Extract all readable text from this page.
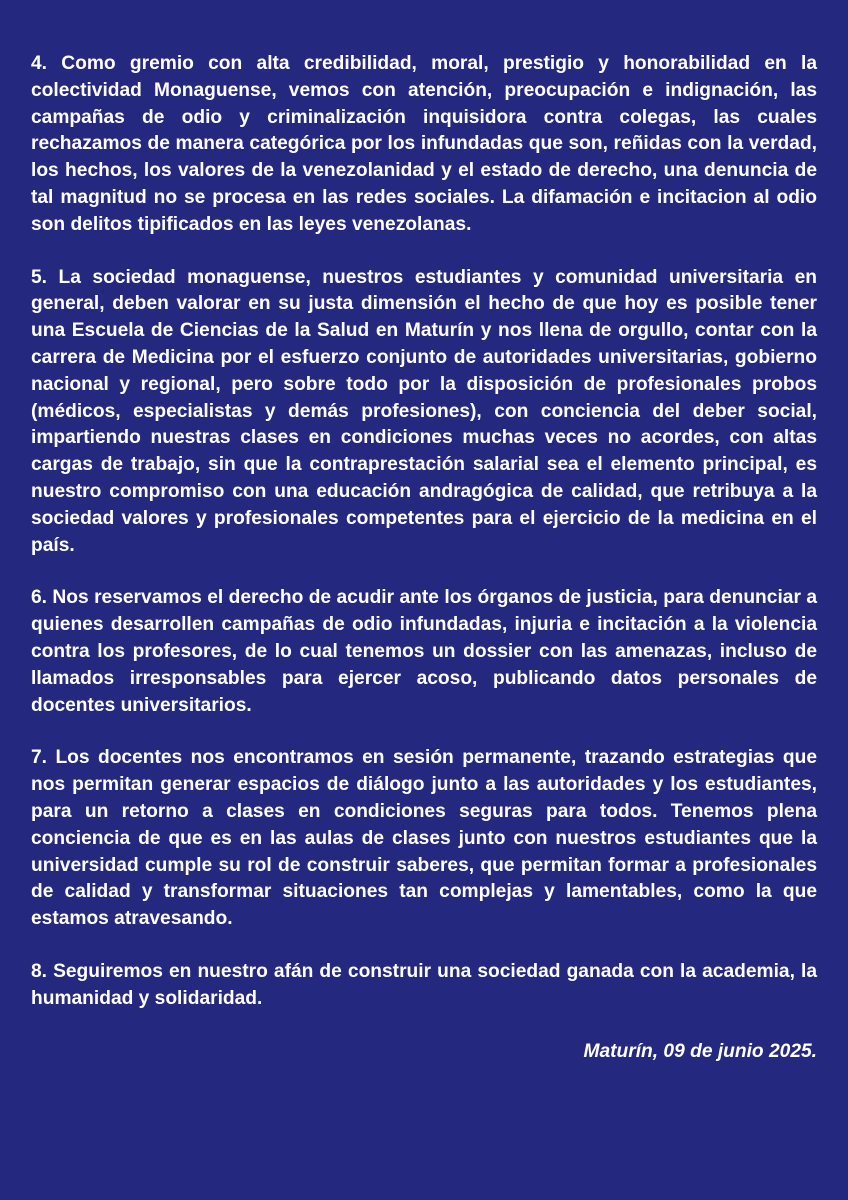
4. Como gremio con alta credibilidad, moral, prestigio y honorabilidad en la colectividad Monaguense, vemos con atención, preocupación e indignación, las campañas de odio y criminalización inquisidora contra colegas, las cuales rechazamos de manera categórica por los infundadas que son, reñidas con la verdad, los hechos, los valores de la venezolanidad y el estado de derecho, una denuncia de tal magnitud no se procesa en las redes sociales. La difamación e incitacion al odio son delitos tipificados en las leyes venezolanas.

5. La sociedad monaguense, nuestros estudiantes y comunidad universitaria en general, deben valorar en su justa dimensión el hecho de que hoy es posible tener una Escuela de Ciencias de la Salud en Maturín y nos llena de orgullo, contar con la carrera de Medicina por el esfuerzo conjunto de autoridades universitarias, gobierno nacional y regional, pero sobre todo por la disposición de profesionales probos (médicos, especialistas y demás profesiones), con conciencia del deber social, impartiendo nuestras clases en condiciones muchas veces no acordes, con altas cargas de trabajo, sin que la contraprestación salarial sea el elemento principal, es nuestro compromiso con una educación andragógica de calidad, que retribuya a la sociedad valores y profesionales competentes para el ejercicio de la medicina en el país.

6. Nos reservamos el derecho de acudir ante los órganos de justicia, para denunciar a quienes desarrollen campañas de odio infundadas, injuria e incitación a la violencia contra los profesores, de lo cual tenemos un dossier con las amenazas, incluso de llamados irresponsables para ejercer acoso, publicando datos personales de docentes universitarios.

7. Los docentes nos encontramos en sesión permanente, trazando estrategias que nos permitan generar espacios de diálogo junto a las autoridades y los estudiantes, para un retorno a clases en condiciones seguras para todos. Tenemos plena conciencia de que es en las aulas de clases junto con nuestros estudiantes que la universidad cumple su rol de construir saberes, que permitan formar a profesionales de calidad y transformar situaciones tan complejas y lamentables, como la que estamos atravesando.

8. Seguiremos en nuestro afán de construir una sociedad ganada con la academia, la humanidad y solidaridad.

Maturín, 09 de junio 2025.
